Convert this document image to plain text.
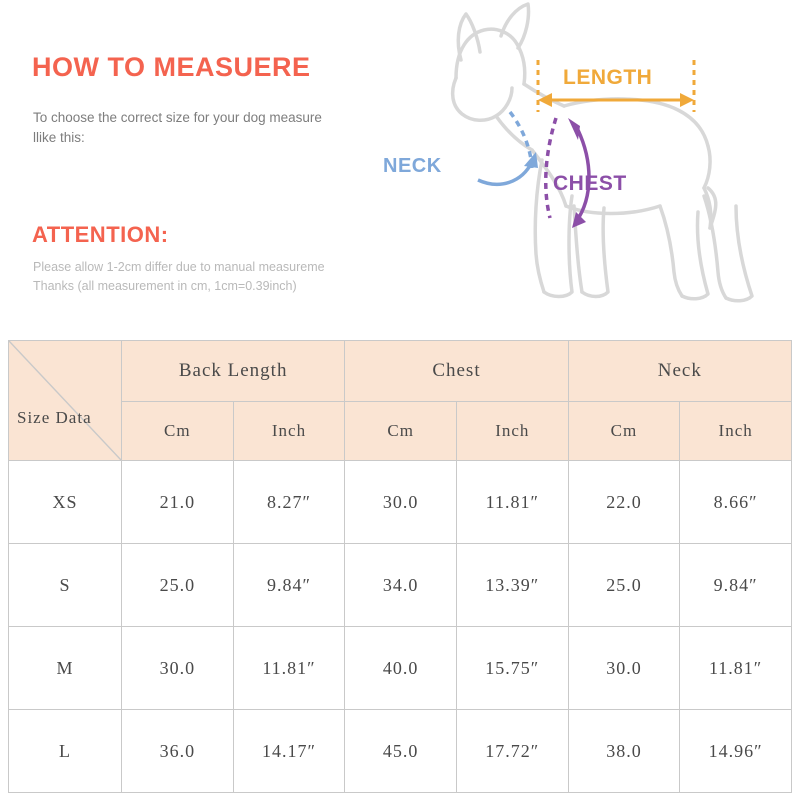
HOW TO MEASUERE
To choose the correct size for your dog measure llike this:
ATTENTION:
Please allow 1-2cm differ due to manual measureme
Thanks (all measurement in cm, 1cm=0.39inch)
LENGTH
NECK
CHEST
Size Data	Back Length		Chest		Neck	
	Cm	Inch	Cm	Inch	Cm	Inch
XS	21.0	8.27″	30.0	11.81″	22.0	8.66″
S	25.0	9.84″	34.0	13.39″	25.0	9.84″
M	30.0	11.81″	40.0	15.75″	30.0	11.81″
L	36.0	14.17″	45.0	17.72″	38.0	14.96″
